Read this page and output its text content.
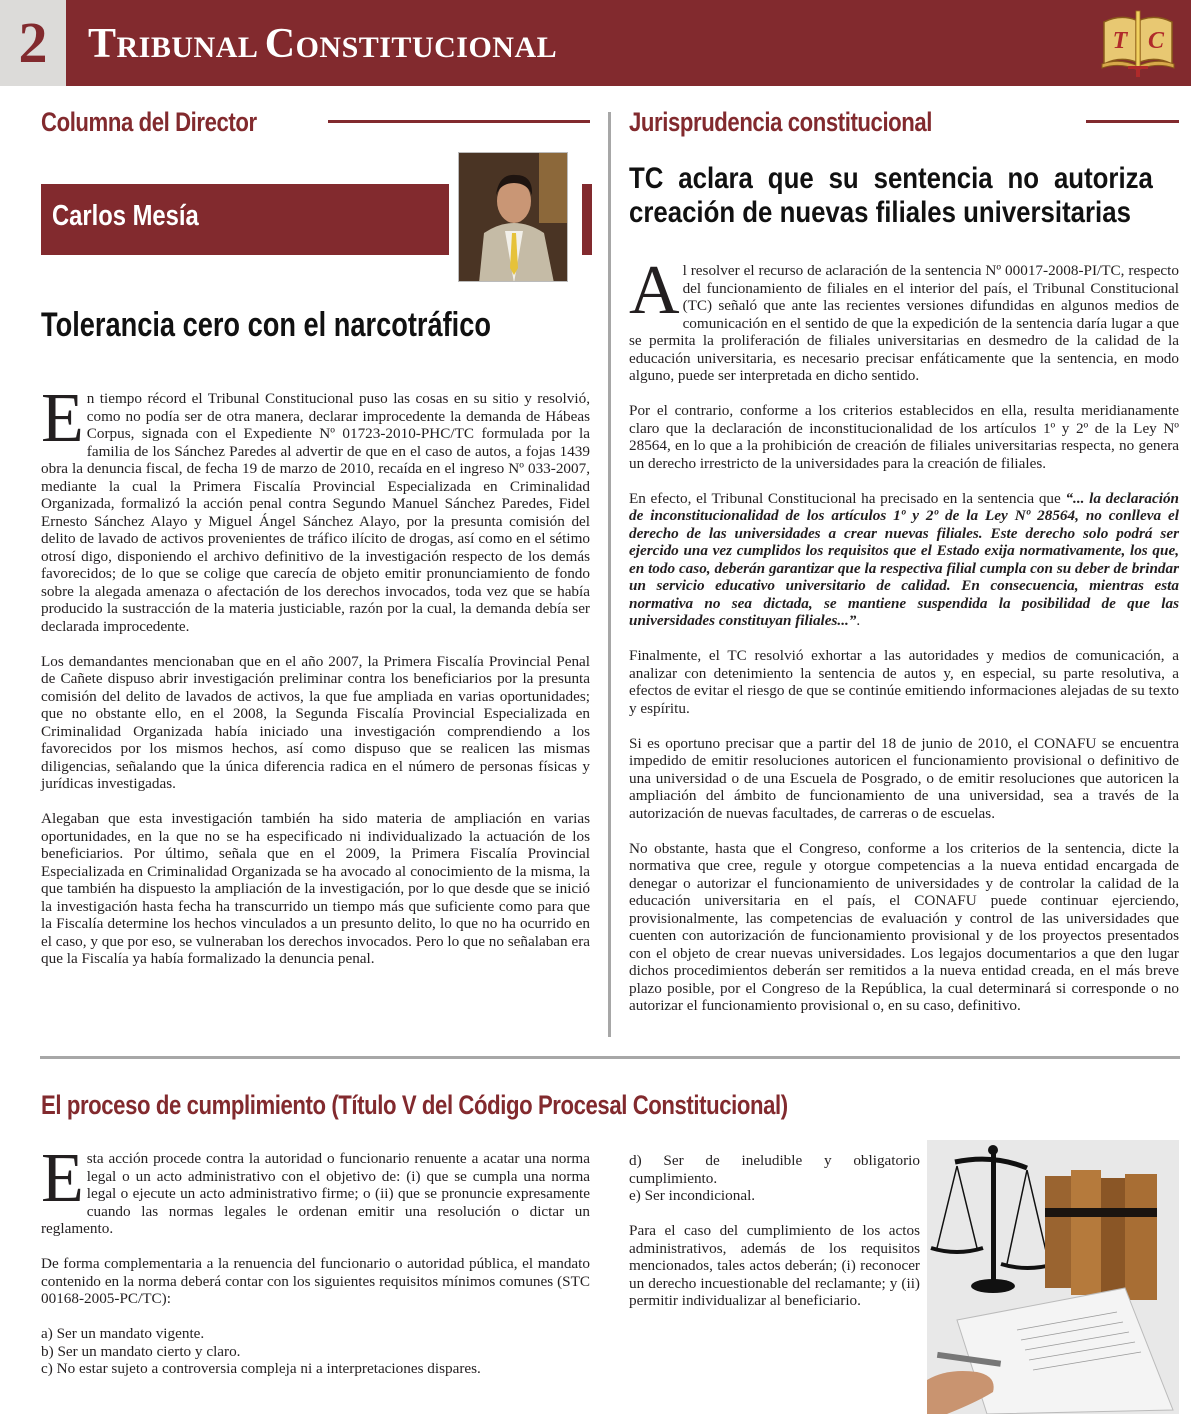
2 TRIBUNAL CONSTITUCIONAL	T C
Columna del Director
Carlos Mesía
Tolerancia cero con el narcotráfico

En tiempo récord el Tribunal Constitucional puso las cosas en su sitio y resolvió, como no podía ser de otra manera, declarar improcedente la demanda de Hábeas Corpus, signada con el Expediente Nº 01723-2010-PHC/TC formulada por la familia de los Sánchez Paredes al advertir de que en el caso de autos, a fojas 1439 obra la denuncia fiscal, de fecha 19 de marzo de 2010, recaída en el ingreso Nº 033-2007, mediante la cual la Primera Fiscalía Provincial Especializada en Criminalidad Organizada, formalizó la acción penal contra Segundo Manuel Sánchez Paredes, Fidel Ernesto Sánchez Alayo y Miguel Ángel Sánchez Alayo, por la presunta comisión del delito de lavado de activos provenientes de tráfico ilícito de drogas, así como en el sétimo otrosí digo, disponiendo el archivo definitivo de la investigación respecto de los demás favorecidos; de lo que se colige que carecía de objeto emitir pronunciamiento de fondo sobre la alegada amenaza o afectación de los derechos invocados, toda vez que se había producido la sustracción de la materia justiciable, razón por la cual, la demanda debía ser declarada improcedente.

Los demandantes mencionaban que en el año 2007, la Primera Fiscalía Provincial Penal de Cañete dispuso abrir investigación preliminar contra los beneficiarios por la presunta comisión del delito de lavados de activos, la que fue ampliada en varias oportunidades; que no obstante ello, en el 2008, la Segunda Fiscalía Provincial Especializada en Criminalidad Organizada había iniciado una investigación comprendiendo a los favorecidos por los mismos hechos, así como dispuso que se realicen las mismas diligencias, señalando que la única diferencia radica en el número de personas físicas y jurídicas investigadas.

Alegaban que esta investigación también ha sido materia de ampliación en varias oportunidades, en la que no se ha especificado ni individualizado la actuación de los beneficiarios. Por último, señala que en el 2009, la Primera Fiscalía Provincial Especializada en Criminalidad Organizada se ha avocado al conocimiento de la misma, la que también ha dispuesto la ampliación de la investigación, por lo que desde que se inició la investigación hasta fecha ha transcurrido un tiempo más que suficiente como para que la Fiscalía determine los hechos vinculados a un presunto delito, lo que no ha ocurrido en el caso, y que por eso, se vulneraban los derechos invocados. Pero lo que no señalaban era que la Fiscalía ya había formalizado la denuncia penal.

Jurisprudencia constitucional
TC aclara que su sentencia no autoriza
creación de nuevas filiales universitarias

Al resolver el recurso de aclaración de la sentencia Nº 00017-2008-PI/TC, respecto del funcionamiento de filiales en el interior del país, el Tribunal Constitucional (TC) señaló que ante las recientes versiones difundidas en algunos medios de comunicación en el sentido de que la expedición de la sentencia daría lugar a que se permita la proliferación de filiales universitarias en desmedro de la calidad de la educación universitaria, es necesario precisar enfáticamente que la sentencia, en modo alguno, puede ser interpretada en dicho sentido.

Por el contrario, conforme a los criterios establecidos en ella, resulta meridianamente claro que la declaración de inconstitucionalidad de los artículos 1º y 2º de la Ley Nº 28564, en lo que a la prohibición de creación de filiales universitarias respecta, no genera un derecho irrestricto de la universidades para la creación de filiales.

En efecto, el Tribunal Constitucional ha precisado en la sentencia que “... la declaración de inconstitucionalidad de los artículos 1º y 2º de la Ley Nº 28564, no conlleva el derecho de las universidades a crear nuevas filiales. Este derecho solo podrá ser ejercido una vez cumplidos los requisitos que el Estado exija normativamente, los que, en todo caso, deberán garantizar que la respectiva filial cumpla con su deber de brindar un servicio educativo universitario de calidad. En consecuencia, mientras esta normativa no sea dictada, se mantiene suspendida la posibilidad de que las universidades constituyan filiales...”.

Finalmente, el TC resolvió exhortar a las autoridades y medios de comunicación, a analizar con detenimiento la sentencia de autos y, en especial, su parte resolutiva, a efectos de evitar el riesgo de que se continúe emitiendo informaciones alejadas de su texto y espíritu.

Si es oportuno precisar que a partir del 18 de junio de 2010, el CONAFU se encuentra impedido de emitir resoluciones autoricen el funcionamiento provisional o definitivo de una universidad o de una Escuela de Posgrado, o de emitir resoluciones que autoricen la ampliación del ámbito de funcionamiento de una universidad, sea a través de la autorización de nuevas facultades, de carreras o de escuelas.

No obstante, hasta que el Congreso, conforme a los criterios de la sentencia, dicte la normativa que cree, regule y otorgue competencias a la nueva entidad encargada de denegar o autorizar el funcionamiento de universidades y de controlar la calidad de la educación universitaria en el país, el CONAFU puede continuar ejerciendo, provisionalmente, las competencias de evaluación y control de las universidades que cuenten con autorización de funcionamiento provisional y de los proyectos presentados con el objeto de crear nuevas universidades. Los legajos documentarios a que den lugar dichos procedimientos deberán ser remitidos a la nueva entidad creada, en el más breve plazo posible, por el Congreso de la República, la cual determinará si corresponde o no autorizar el funcionamiento provisional o, en su caso, definitivo.

El proceso de cumplimiento (Título V del Código Procesal Constitucional)

Esta acción procede contra la autoridad o funcionario renuente a acatar una norma legal o un acto administrativo con el objetivo de: (i) que se cumpla una norma legal o ejecute un acto administrativo firme; o (ii) que se pronuncie expresamente cuando las normas legales le ordenan emitir una resolución o dictar un reglamento.

De forma complementaria a la renuencia del funcionario o autoridad pública, el mandato contenido en la norma deberá contar con los siguientes requisitos mínimos comunes (STC 00168-2005-PC/TC):

a) Ser un mandato vigente.
b) Ser un mandato cierto y claro.
c) No estar sujeto a controversia compleja ni a interpretaciones dispares.

d) Ser de ineludible y obligatorio cumplimiento.
e) Ser incondicional.

Para el caso del cumplimiento de los actos administrativos, además de los requisitos mencionados, tales actos deberán; (i) reconocer un derecho incuestionable del reclamante; y (ii) permitir individualizar al beneficiario.
